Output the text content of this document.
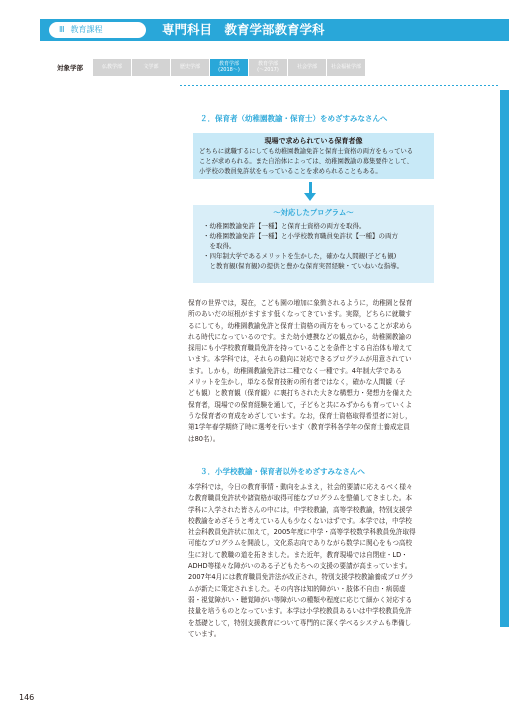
Ⅲ 教育課程	専門科目　教育学部教育学科
対象学部	仏教学部	文学部	歴史学部	教育学部
(2018〜)
教育学部
(〜2017)	社会学部	社会福祉学部
２．保育者（幼稚園教諭・保育士）をめざすみなさんへ
現場で求められている保育者像
どちらに就職するにしても幼稚園教諭免許と保育士資格の両方をもっている
ことが求められる。また自治体によっては、幼稚園教諭の募集要件として、
小学校の教員免許状をもっていることを求められることもある。
〜対応したプログラム〜
・幼稚園教諭免許【一種】と保育士資格の両方を取得。
・幼稚園教諭免許【一種】と小学校教育職員免許状【一種】の両方
　を取得。
・四年制大学であるメリットを生かした，確かな人間観(子ども観)
　と教育観(保育観)の提供と豊かな保育実習経験・ていねいな指導。
保育の世界では，現在，こども園の増加に象徴されるように，幼稚園と保育
所のあいだの垣根がますます低くなってきています。実際，どちらに就職す
るにしても，幼稚園教諭免許と保育士資格の両方をもっていることが求めら
れる時代になっているのです。また幼小連携などの観点から，幼稚園教諭の
採用にも小学校教育職員免許を持っていることを条件とする自治体も増えて
います。本学科では，それらの動向に対応できるプログラムが用意されてい
ます。しかも，幼稚園教諭免許は二種でなく一種です。4年制大学である
メリットを生かし，単なる保育技術の所有者ではなく，確かな人間観（子
ども観）と教育観（保育観）に裏打ちされた大きな構想力・発想力を備えた
保育者，現場での保育経験を通して，子どもと共にみずからも育っていくよ
うな保育者の育成をめざしています。なお，保育士資格取得希望者に対し，
第1学年春学期終了時に選考を行います（教育学科各学年の保育士養成定員
は80名）。
３．小学校教諭・保育者以外をめざすみなさんへ
本学科では，今日の教育事情・動向をふまえ，社会的要請に応えるべく様々
な教育職員免許状や諸資格が取得可能なプログラムを整備してきました。本
学科に入学された皆さんの中には，中学校教諭，高等学校教諭，特別支援学
校教諭をめざそうと考えている人も少なくないはずです。本学では，中学校
社会科教員免許状に加えて，2005年度に中学・高等学校数学科教員免許取得
可能なプログラムを開設し，文化系志向でありながら数学に関心をもつ高校
生に対して教職の道を拓きました。また近年，教育現場では自閉症・LD・
ADHD等様々な障がいのある子どもたちへの支援の要請が高まっています。
2007年4月には教育職員免許法が改正され，特別支援学校教諭養成プログラ
ムが新たに策定されました。その内容は知的障がい・肢体不自由・病弱虚
弱・視覚障がい・聴覚障がい等障がいの種類や程度に応じて細かく対応する
技量を培うものとなっています。本学は小学校教員あるいは中学校教員免許
を基礎として，特別支援教育について専門的に深く学べるシステムも準備し
ています。
146
